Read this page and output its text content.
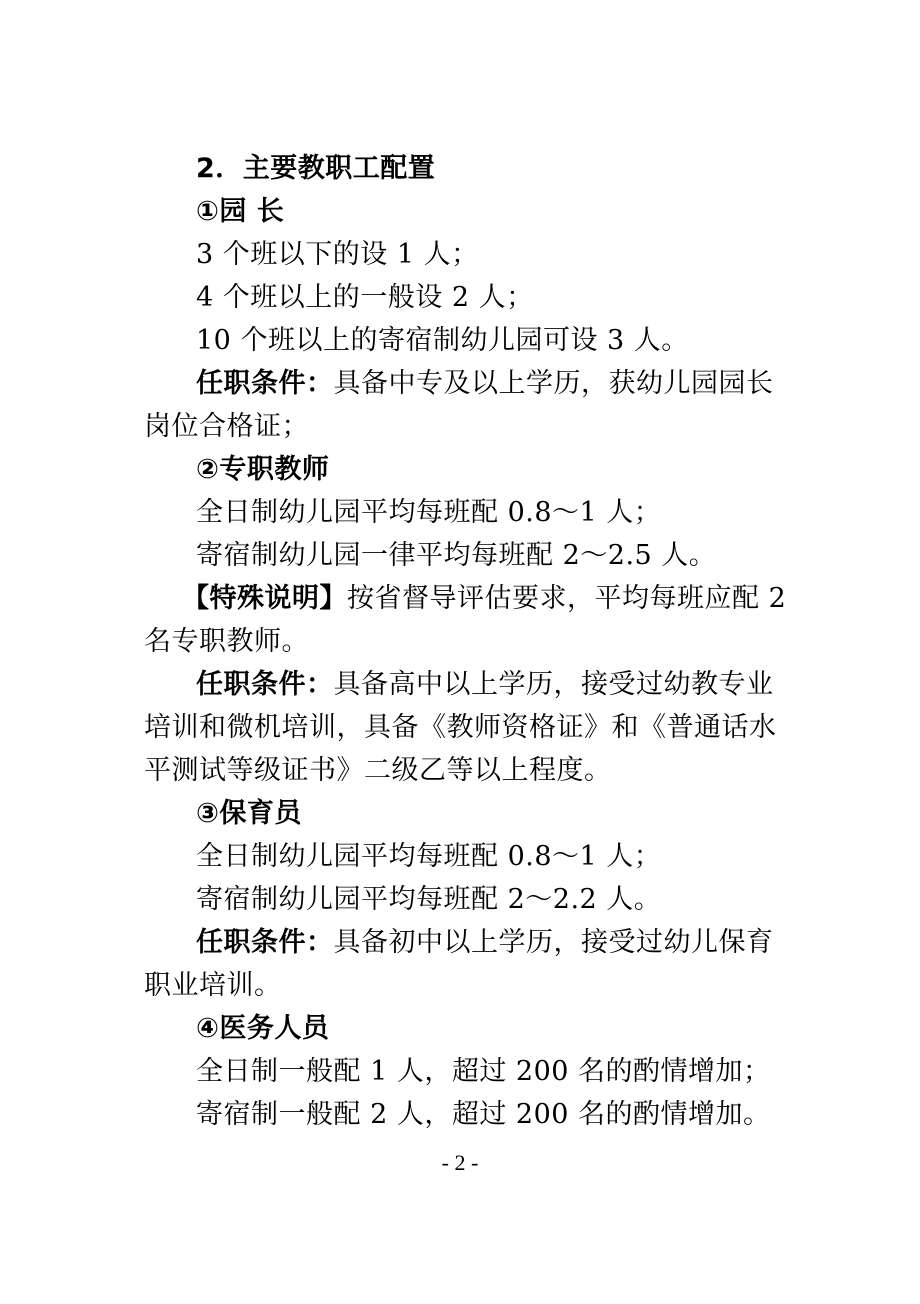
2．主要教职工配置
①园 长
3 个班以下的设 1 人；
4 个班以上的一般设 2 人；
10 个班以上的寄宿制幼儿园可设 3 人。
任职条件：具备中专及以上学历，获幼儿园园长
岗位合格证；
②专职教师
全日制幼儿园平均每班配 0.8～1 人；
寄宿制幼儿园一律平均每班配 2～2.5 人。
【特殊说明】按省督导评估要求，平均每班应配 2
名专职教师。
任职条件：具备高中以上学历，接受过幼教专业
培训和微机培训，具备《教师资格证》和《普通话水
平测试等级证书》二级乙等以上程度。
③保育员
全日制幼儿园平均每班配 0.8～1 人；
寄宿制幼儿园平均每班配 2～2.2 人。
任职条件：具备初中以上学历，接受过幼儿保育
职业培训。
④医务人员
全日制一般配 1 人，超过 200 名的酌情增加；
寄宿制一般配 2 人，超过 200 名的酌情增加。
- 2 -
